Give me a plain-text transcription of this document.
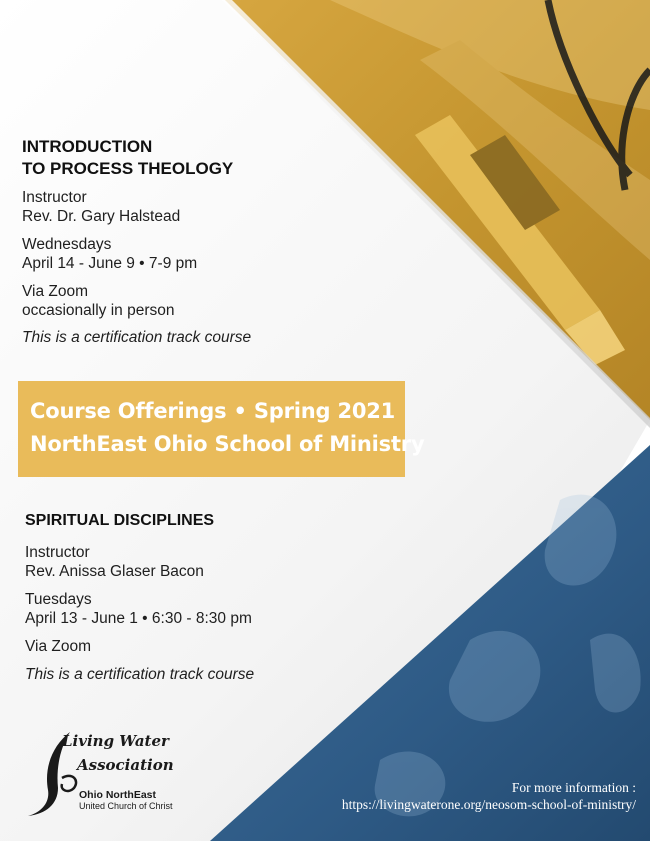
INTRODUCTION
TO PROCESS THEOLOGY
Instructor
Rev. Dr. Gary Halstead
Wednesdays
April 14 - June 9 • 7-9 pm
Via Zoom
occasionally in person
This is a certification track course
Course Offerings • Spring 2021
NorthEast Ohio School of Ministry
SPIRITUAL DISCIPLINES
Instructor
Rev. Anissa Glaser Bacon
Tuesdays
April 13 - June 1 • 6:30 - 8:30 pm
Via Zoom
This is a certification track course
Living Water
Association
Ohio NorthEast
United Church of Christ
For more information :
https://livingwaterone.org/neosom-school-of-ministry/
